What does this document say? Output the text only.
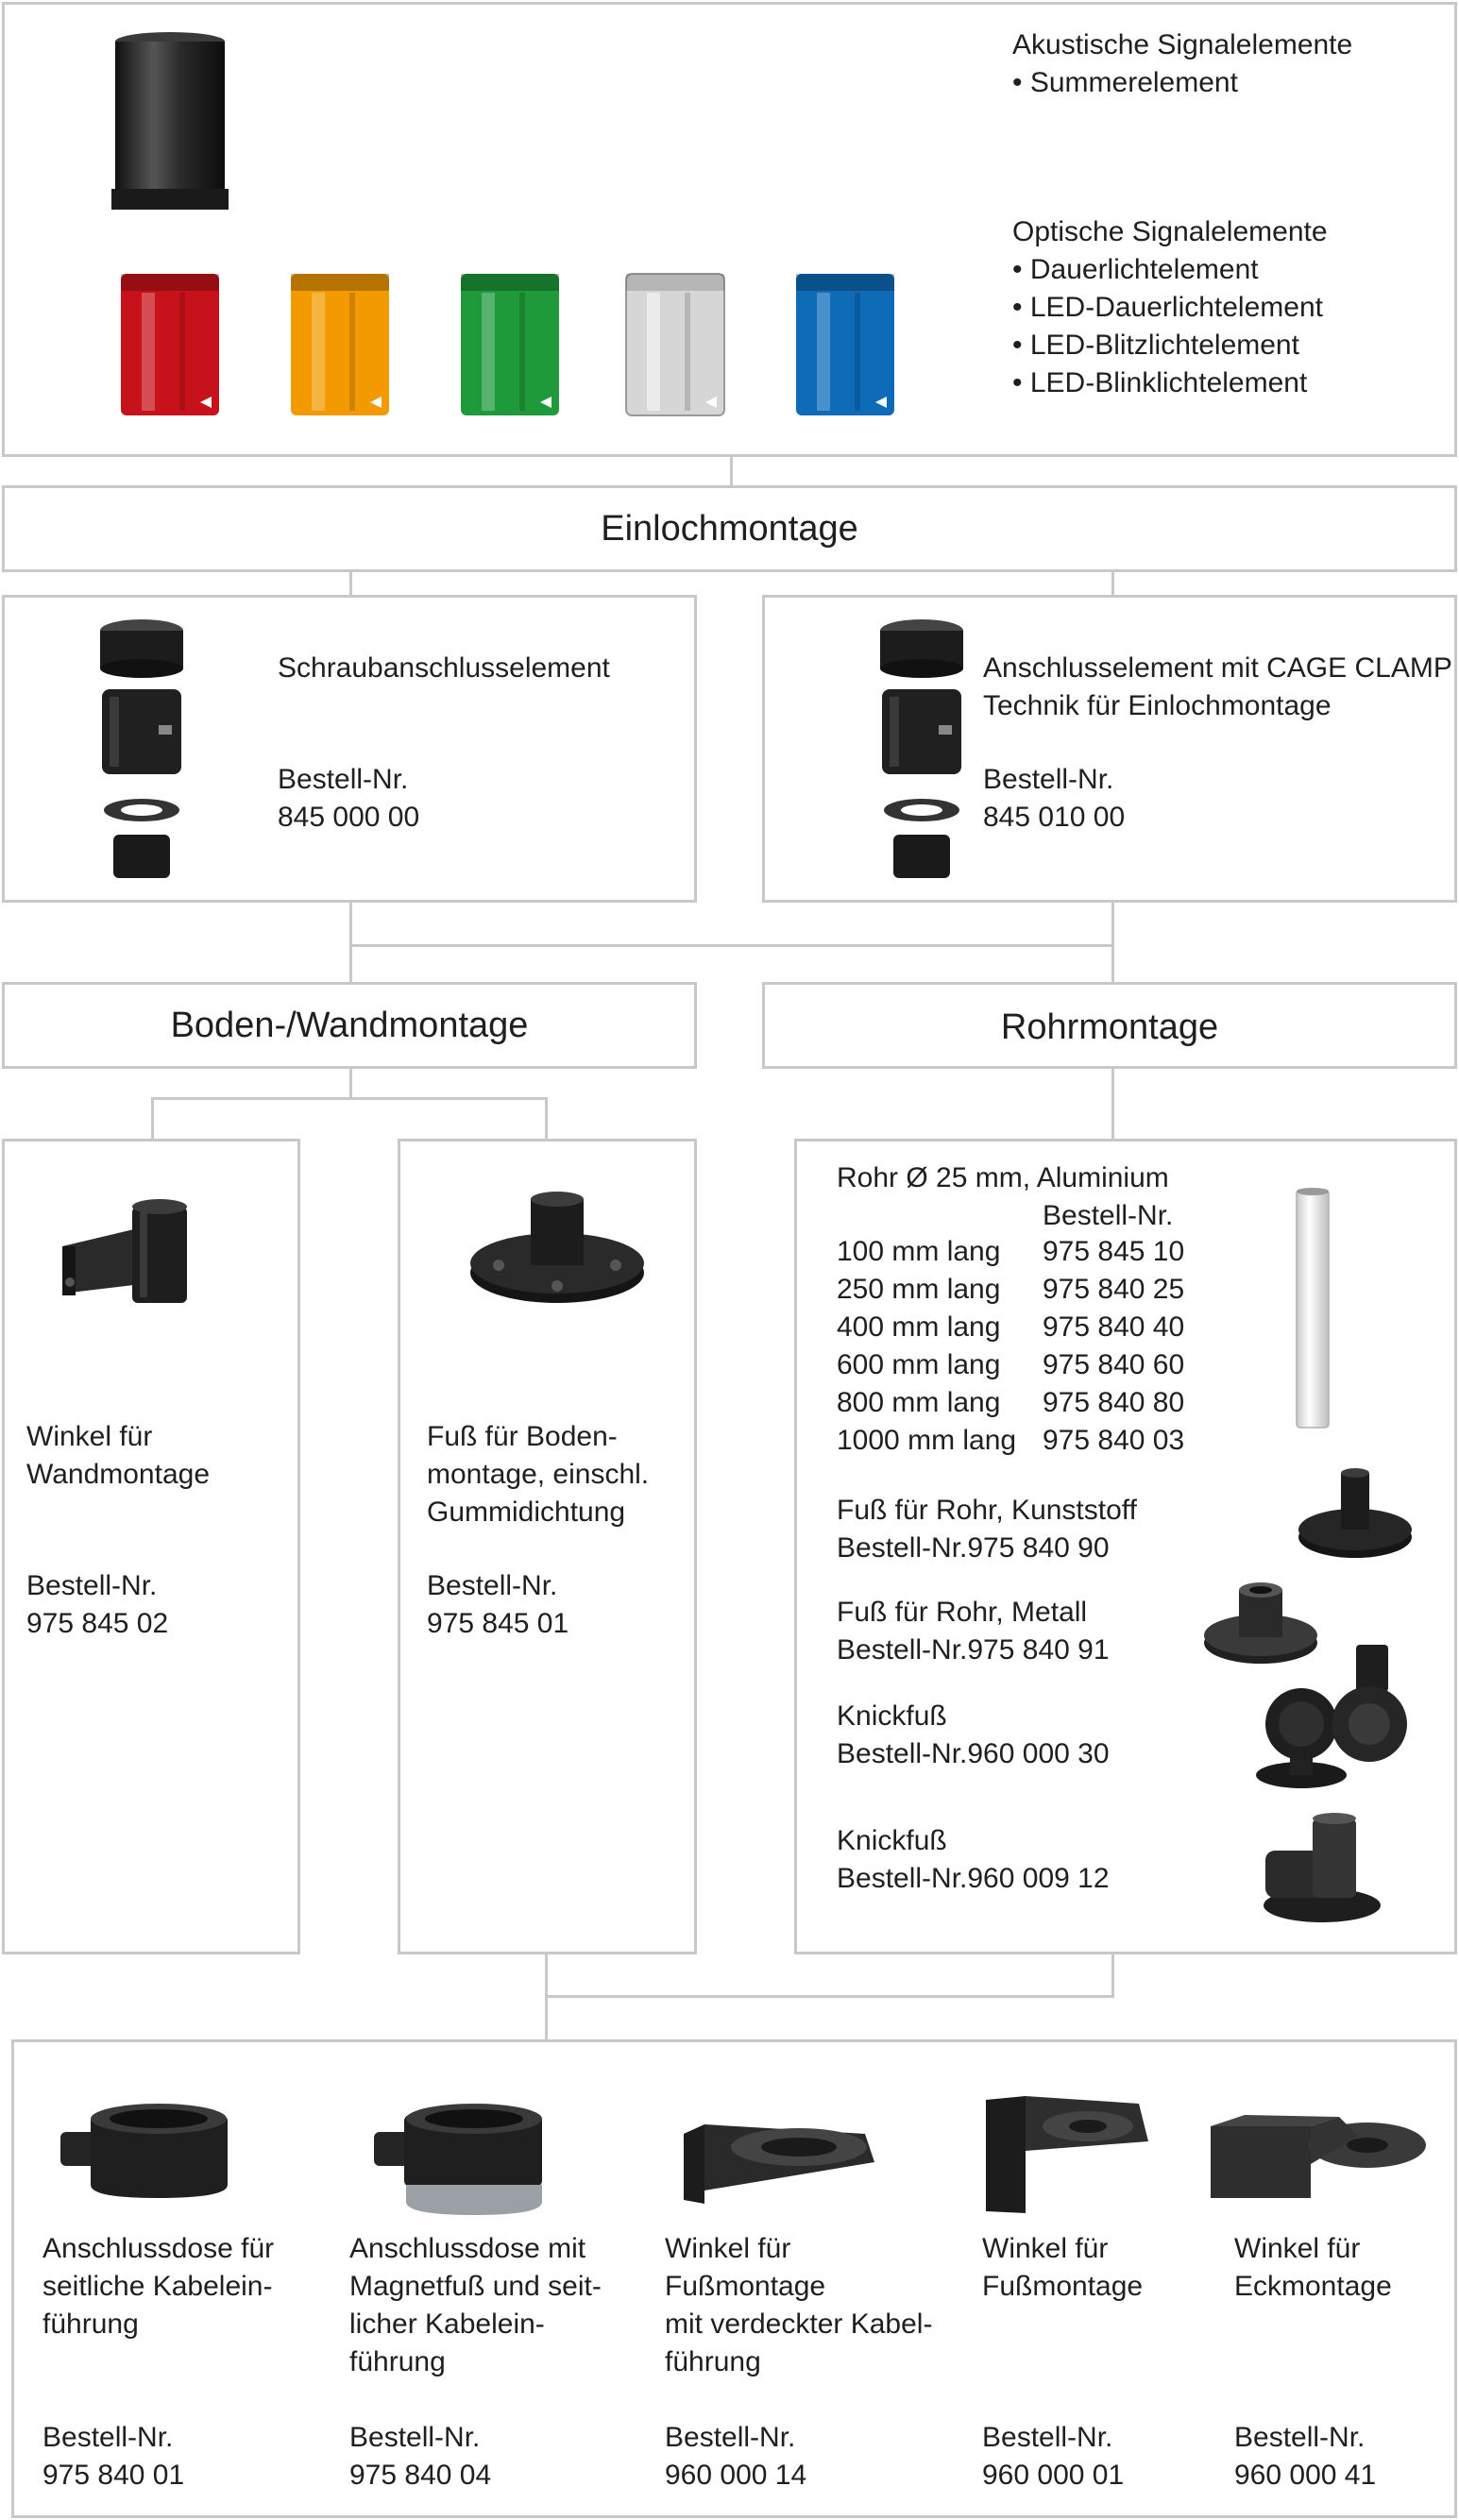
Akustische Signalelemente
• Summerelement
Optische Signalelemente
• Dauerlichtelement
• LED-Dauerlichtelement
• LED-Blitzlichtelement
• LED-Blinklichtelement
Einlochmontage
Schraubanschlusselement
Bestell-Nr.
845 000 00
Anschlusselement mit CAGE CLAMP
Technik für Einlochmontage
Bestell-Nr.
845 010 00
Boden-/Wandmontage	Rohrmontage
Winkel für
Wandmontage
Bestell-Nr.
975 845 02
Fuß für Boden-
montage, einschl.
Gummidichtung
Bestell-Nr.
975 845 01
Rohr Ø 25 mm, Aluminium
Bestell-Nr.
100 mm lang	975 845 10
250 mm lang	975 840 25
400 mm lang	975 840 40
600 mm lang	975 840 60
800 mm lang	975 840 80
1000 mm lang	975 840 03
Fuß für Rohr, Kunststoff
Bestell-Nr.975 840 90
Fuß für Rohr, Metall
Bestell-Nr.975 840 91
Knickfuß
Bestell-Nr.960 000 30
Knickfuß
Bestell-Nr.960 009 12
Anschlussdose für
seitliche Kabelein-
führung
Bestell-Nr.
975 840 01
Anschlussdose mit
Magnetfuß und seit-
licher Kabelein-
führung
Bestell-Nr.
975 840 04
Winkel für
Fußmontage
mit verdeckter Kabel-
führung
Bestell-Nr.
960 000 14
Winkel für
Fußmontage
Bestell-Nr.
960 000 01
Winkel für
Eckmontage
Bestell-Nr.
960 000 41
